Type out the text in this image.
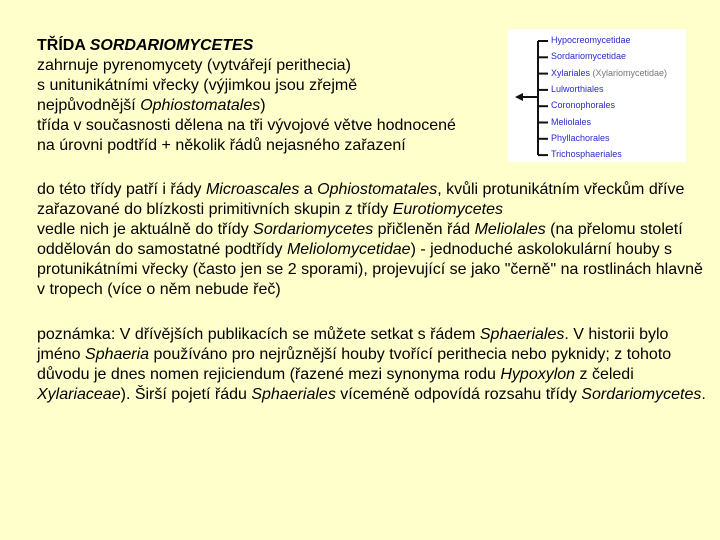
TŘÍDA SORDARIOMYCETES

zahrnuje pyrenomycety (vytvářejí perithecia)

s unitunikátními vřecky (výjimkou jsou zřejmě

nejpůvodnější Ophiostomatales)

třída v současnosti dělena na tři vývojové větve hodnocené

na úrovni podtříd + několik řádů nejasného zařazení

do této třídy patří i řády Microascales a Ophiostomatales, kvůli protunikátním vřeckům dříve zařazované do blízkosti primitivních skupin z třídy Eurotiomycetes

vedle nich je aktuálně do třídy Sordariomycetes přičleněn řád Meliolales (na přelomu století oddělován do samostatné podtřídy Meliolomycetidae) - jednoduché askolokulární houby s protunikátními vřecky (často jen se 2 sporami), projevující se jako "černě" na rostlinách hlavně v tropech (více o něm nebude řeč)

poznámka: V dřívějších publikacích se můžete setkat s řádem Sphaeriales. V historii bylo jméno Sphaeria používáno pro nejrůznější houby tvořící perithecia nebo pyknidy; z tohoto důvodu je dnes nomen rejiciendum (řazené mezi synonyma rodu Hypoxylon z čeledi Xylariaceae). Širší pojetí řádu Sphaeriales víceméně odpovídá rozsahu třídy Sordariomycetes.

Hypocreomycetidae
Sordariomycetidae
Xylariales (Xylariomycetidae)
Lulworthiales
Coronophorales
Meliolales
Phyllachorales
Trichosphaeriales
